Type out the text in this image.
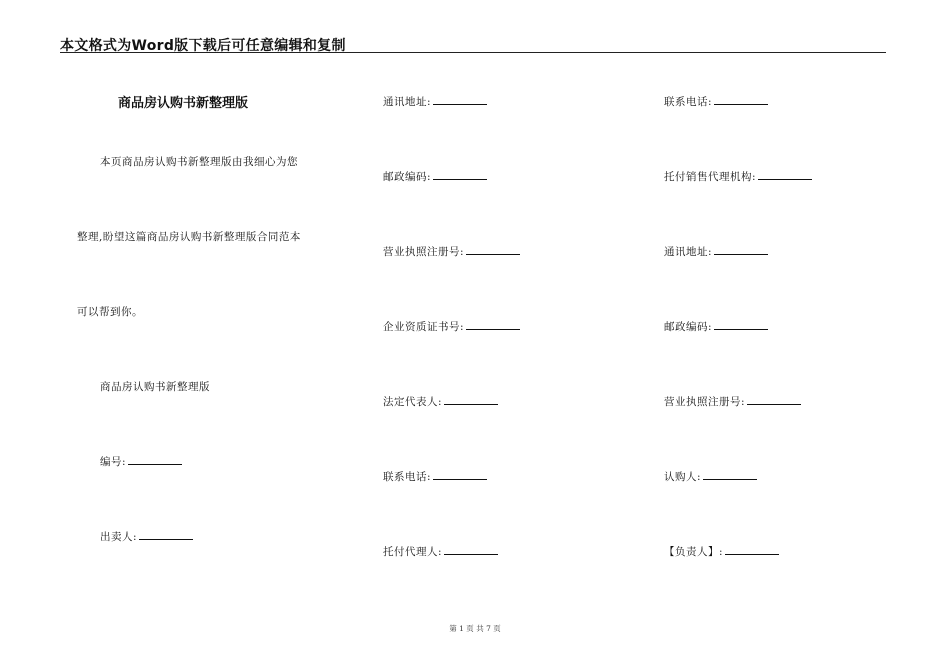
本文格式为Word版下载后可任意编辑和复制
商品房认购书新整理版
本页商品房认购书新整理版由我细心为您
整理,盼望这篇商品房认购书新整理版合同范本
可以帮到你。
商品房认购书新整理版
编号:
出卖人:
通讯地址:
邮政编码:
营业执照注册号:
企业资质证书号:
法定代表人:
联系电话:
托付代理人:
联系电话:
托付销售代理机构:
通讯地址:
邮政编码:
营业执照注册号:
认购人:
【负责人】:
第 1 页 共 7 页
